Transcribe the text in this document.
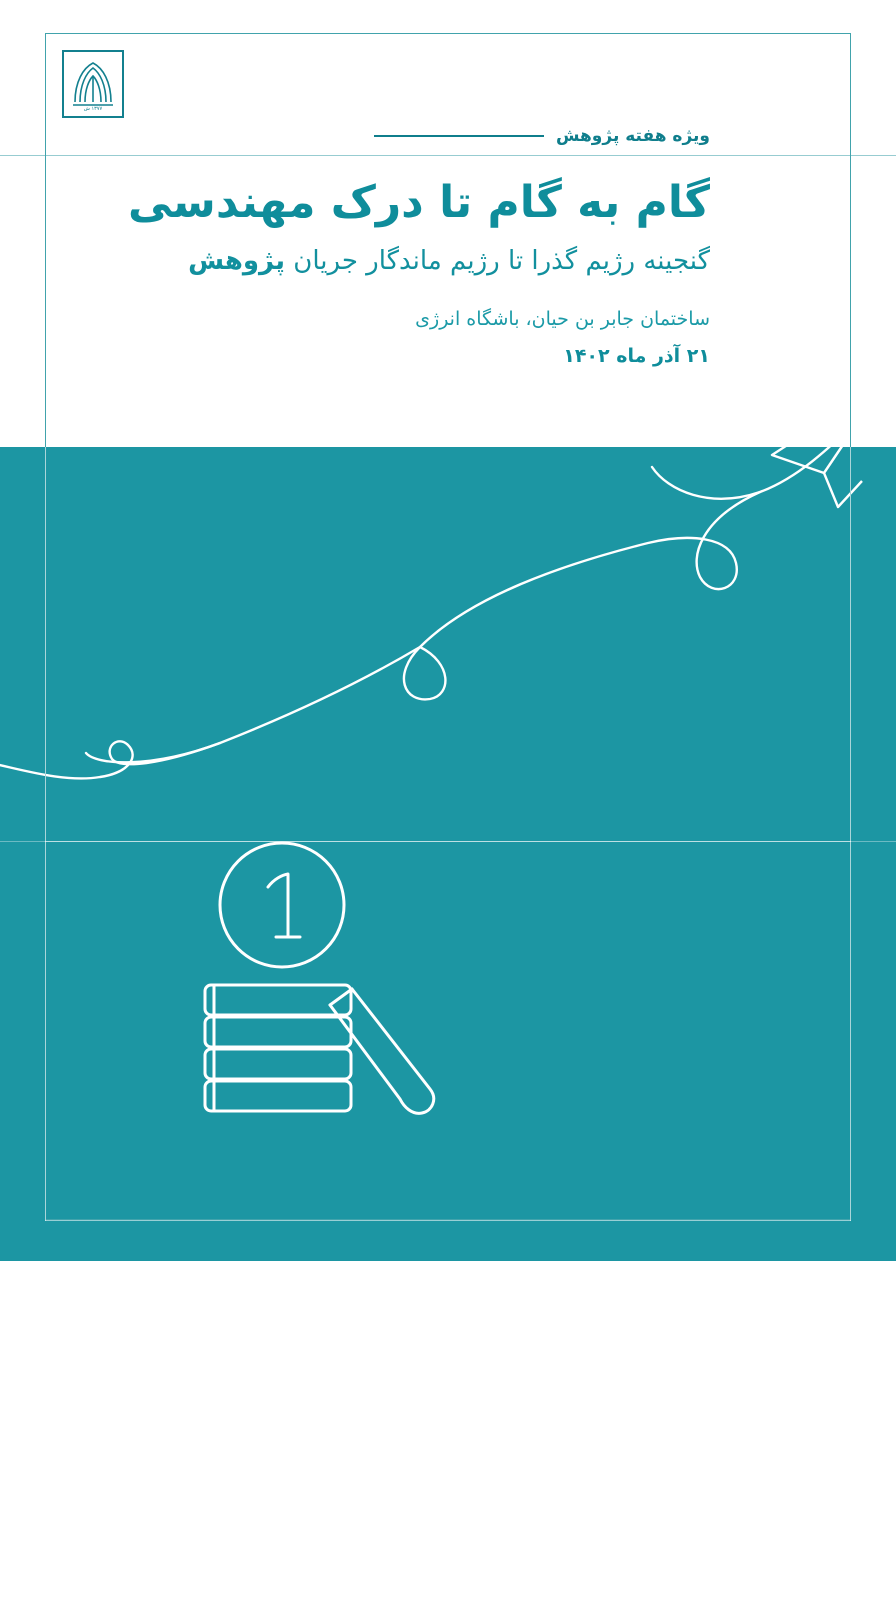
۱۳۷۷ ش
ویژه هفته پژوهش
گام به گام تا درک مهندسی
گنجینه رژیم گذرا تا رژیم ماندگار جریان پژوهش
ساختمان جابر بن حیان، باشگاه انرژی
۲۱ آذر ماه ۱۴۰۲
از تصویر تا درک مهندسی | از شعر و ادب تا درک مهندسی | از فرهنگ تا درک مهندسی | از اخلاق تا درک مهندسی | از خود تا درک مهندسی | از زندگی تا درک مهندسی | از مهر تا درک مهندسی | از ارزش تا درک مهندسی | از مهارت زندگی تا درک مهندسی | از داستان‌پردازی تا درک مهندسی | گام به گام تا درک مهندسی | من و فکرهای مهندسی: گام به گام از آشنایی تا ماندگاری
باشگاه انرژی دانشگاه شهید بهشتی
